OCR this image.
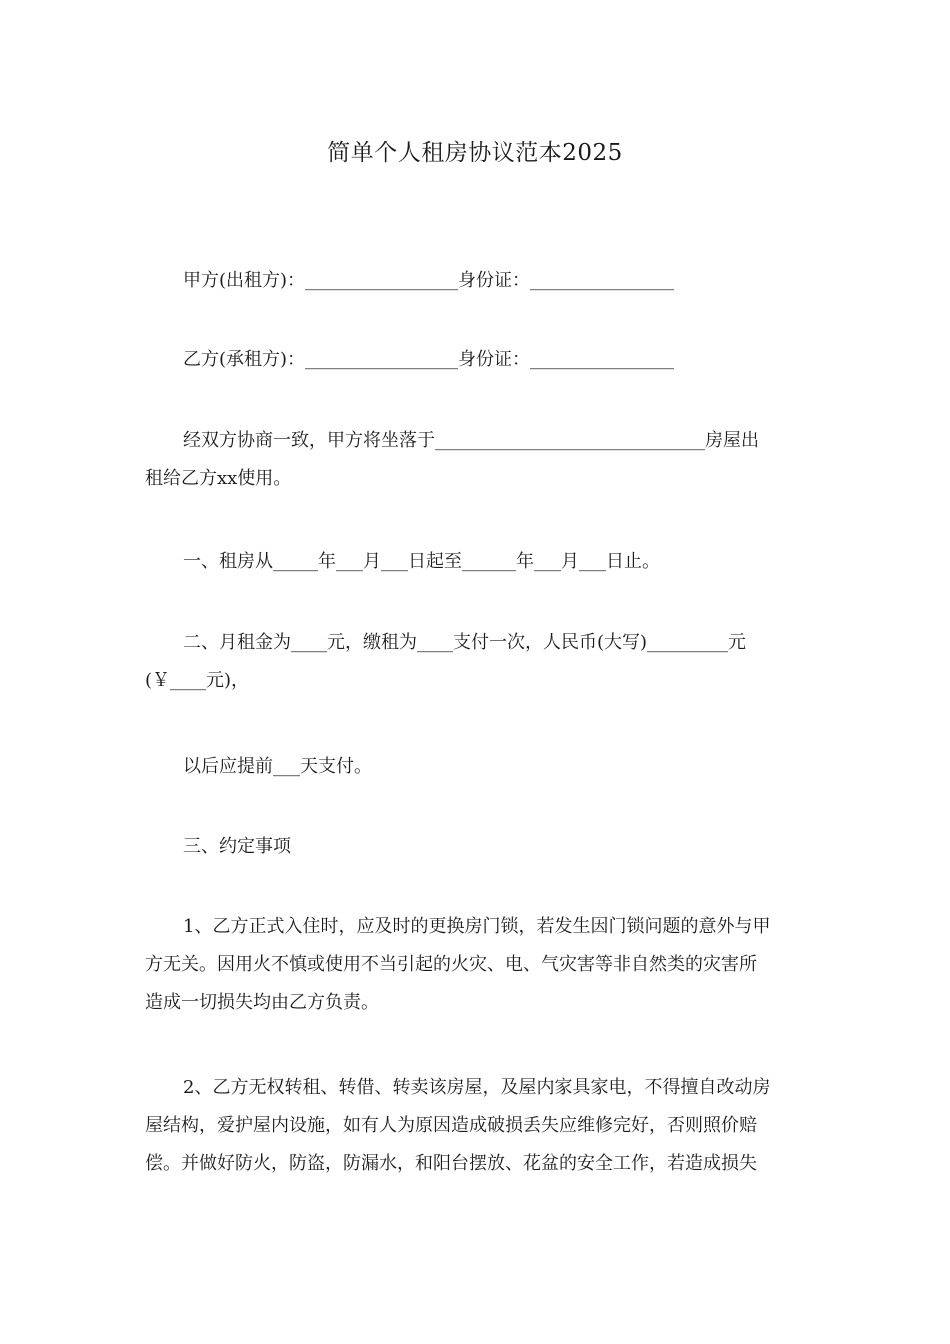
简单个人租房协议范本2025

甲方(出租方)：_________________身份证：________________

乙方(承租方)：_________________身份证：________________

经双方协商一致，甲方将坐落于______________________________房屋出
租给乙方xx使用。

一、租房从_____年___月___日起至______年___月___日止。

二、月租金为____元，缴租为____支付一次，人民币(大写)_________元
(￥____元)，

以后应提前___天支付。

三、约定事项

1、乙方正式入住时，应及时的更换房门锁，若发生因门锁问题的意外与甲
方无关。因用火不慎或使用不当引起的火灾、电、气灾害等非自然类的灾害所
造成一切损失均由乙方负责。
2、乙方无权转租、转借、转卖该房屋，及屋内家具家电，不得擅自改动房
屋结构，爱护屋内设施，如有人为原因造成破损丢失应维修完好，否则照价赔
偿。并做好防火，防盗，防漏水，和阳台摆放、花盆的安全工作，若造成损失
